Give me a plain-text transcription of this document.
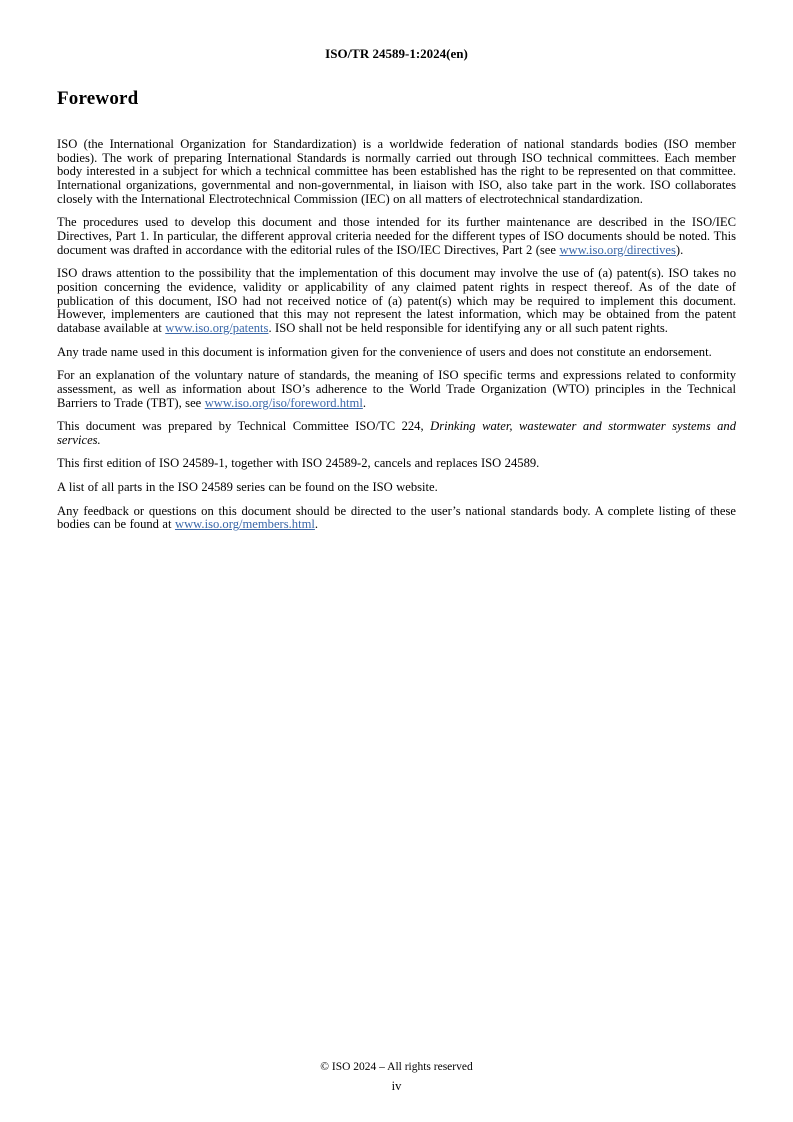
ISO/TR 24589-1:2024(en)
Foreword

ISO (the International Organization for Standardization) is a worldwide federation of national standards bodies (ISO member bodies). The work of preparing International Standards is normally carried out through ISO technical committees. Each member body interested in a subject for which a technical committee has been established has the right to be represented on that committee. International organizations, governmental and non-governmental, in liaison with ISO, also take part in the work. ISO collaborates closely with the International Electrotechnical Commission (IEC) on all matters of electrotechnical standardization.

The procedures used to develop this document and those intended for its further maintenance are described in the ISO/IEC Directives, Part 1. In particular, the different approval criteria needed for the different types of ISO documents should be noted. This document was drafted in accordance with the editorial rules of the ISO/IEC Directives, Part 2 (see www.iso.org/directives).

ISO draws attention to the possibility that the implementation of this document may involve the use of (a) patent(s). ISO takes no position concerning the evidence, validity or applicability of any claimed patent rights in respect thereof. As of the date of publication of this document, ISO had not received notice of (a) patent(s) which may be required to implement this document. However, implementers are cautioned that this may not represent the latest information, which may be obtained from the patent database available at www.iso.org/patents. ISO shall not be held responsible for identifying any or all such patent rights.

Any trade name used in this document is information given for the convenience of users and does not constitute an endorsement.

For an explanation of the voluntary nature of standards, the meaning of ISO specific terms and expressions related to conformity assessment, as well as information about ISO’s adherence to the World Trade Organization (WTO) principles in the Technical Barriers to Trade (TBT), see www.iso.org/iso/foreword.html.

This document was prepared by Technical Committee ISO/TC 224, Drinking water, wastewater and stormwater systems and services.

This first edition of ISO 24589-1, together with ISO 24589-2, cancels and replaces ISO 24589.

A list of all parts in the ISO 24589 series can be found on the ISO website.

Any feedback or questions on this document should be directed to the user’s national standards body. A complete listing of these bodies can be found at www.iso.org/members.html.

© ISO 2024 – All rights reserved
iv
